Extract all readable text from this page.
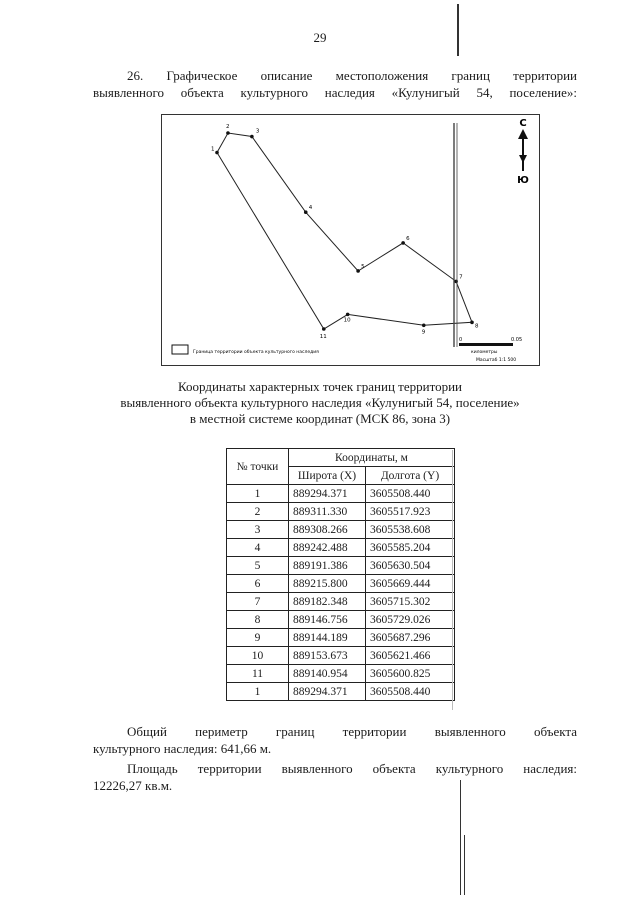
29
26. Графическое описание местоположения границ территории
выявленного объекта культурного наследия «Кулунигый 54, поселение»:
1
2
3
4
5
6
7
8
9
10
11
С
Ю
Граница территории объекта культурного наследия
0	0.05
километры
Масштаб 1:1 500
Координаты характерных точек границ территории
выявленного объекта культурного наследия «Кулунигый 54, поселение»
в местной системе координат (МСК 86, зона 3)
№ точки	Координаты, м	
	Широта (X)	Долгота (Y)
1	889294.371	3605508.440
2	889311.330	3605517.923
3	889308.266	3605538.608
4	889242.488	3605585.204
5	889191.386	3605630.504
6	889215.800	3605669.444
7	889182.348	3605715.302
8	889146.756	3605729.026
9	889144.189	3605687.296
10	889153.673	3605621.466
11	889140.954	3605600.825
1	889294.371	3605508.440
Общий периметр границ территории выявленного объекта
культурного наследия: 641,66 м.
Площадь территории выявленного объекта культурного наследия:
12226,27 кв.м.
